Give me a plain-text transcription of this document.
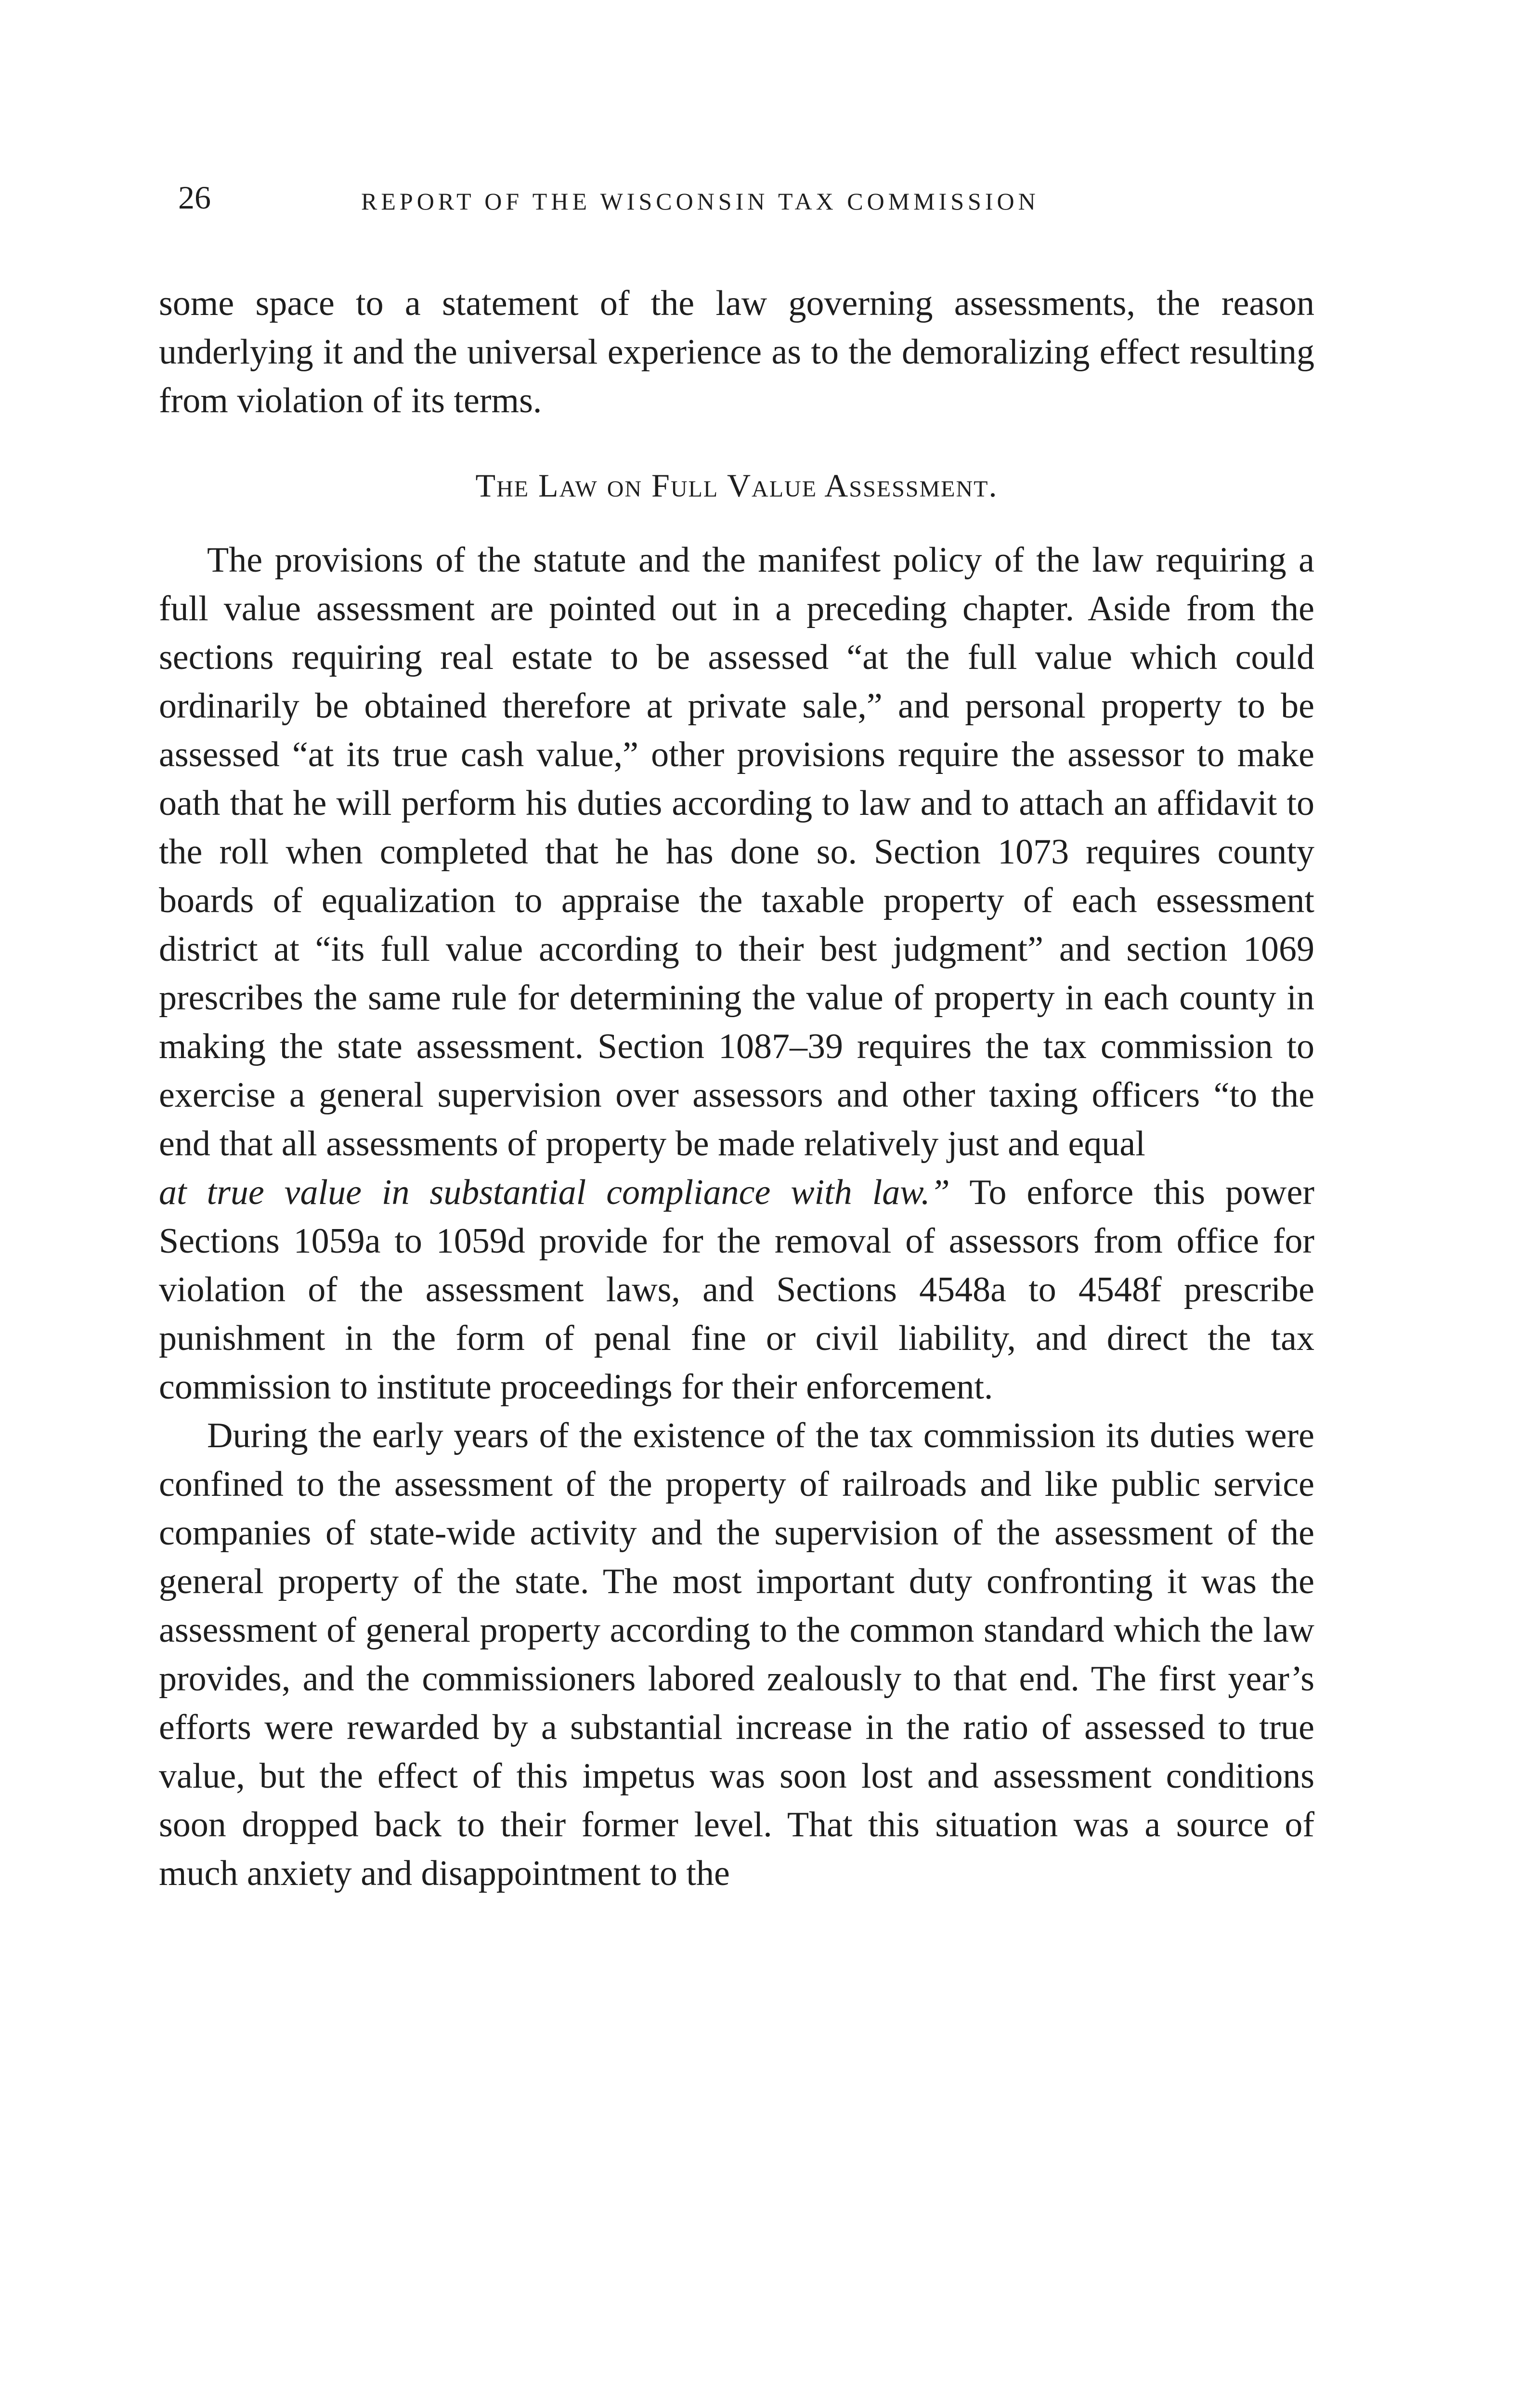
26	REPORT OF THE WISCONSIN TAX COMMISSION

some space to a statement of the law governing assessments, the reason underlying it and the universal experience as to the demoralizing effect resulting from violation of its terms.

The Law on Full Value Assessment.

The provisions of the statute and the manifest policy of the law requiring a full value assessment are pointed out in a preceding chapter. Aside from the sections requiring real estate to be assessed “at the full value which could ordinarily be obtained therefore at private sale,” and personal property to be assessed “at its true cash value,” other provisions require the assessor to make oath that he will perform his duties according to law and to attach an affidavit to the roll when completed that he has done so. Section 1073 requires county boards of equalization to appraise the taxable property of each essessment district at “its full value according to their best judgment” and section 1069 prescribes the same rule for determining the value of property in each county in making the state assessment. Section 1087–39 requires the tax commission to exercise a general supervision over assessors and other taxing officers “to the end that all assessments of property be made relatively just and equal
at true value in substantial compliance with law.” To enforce this power Sections 1059a to 1059d provide for the removal of assessors from office for violation of the assessment laws, and Sections 4548a to 4548f prescribe punishment in the form of penal fine or civil liability, and direct the tax commission to institute proceedings for their enforcement.

During the early years of the existence of the tax commission its duties were confined to the assessment of the property of railroads and like public service companies of state-wide activity and the supervision of the assessment of the general property of the state. The most important duty confronting it was the assessment of general property according to the common standard which the law provides, and the commissioners labored zealously to that end. The first year’s efforts were rewarded by a substantial increase in the ratio of assessed to true value, but the effect of this impetus was soon lost and assessment conditions soon dropped back to their former level. That this situation was a source of much anxiety and disappointment to the
